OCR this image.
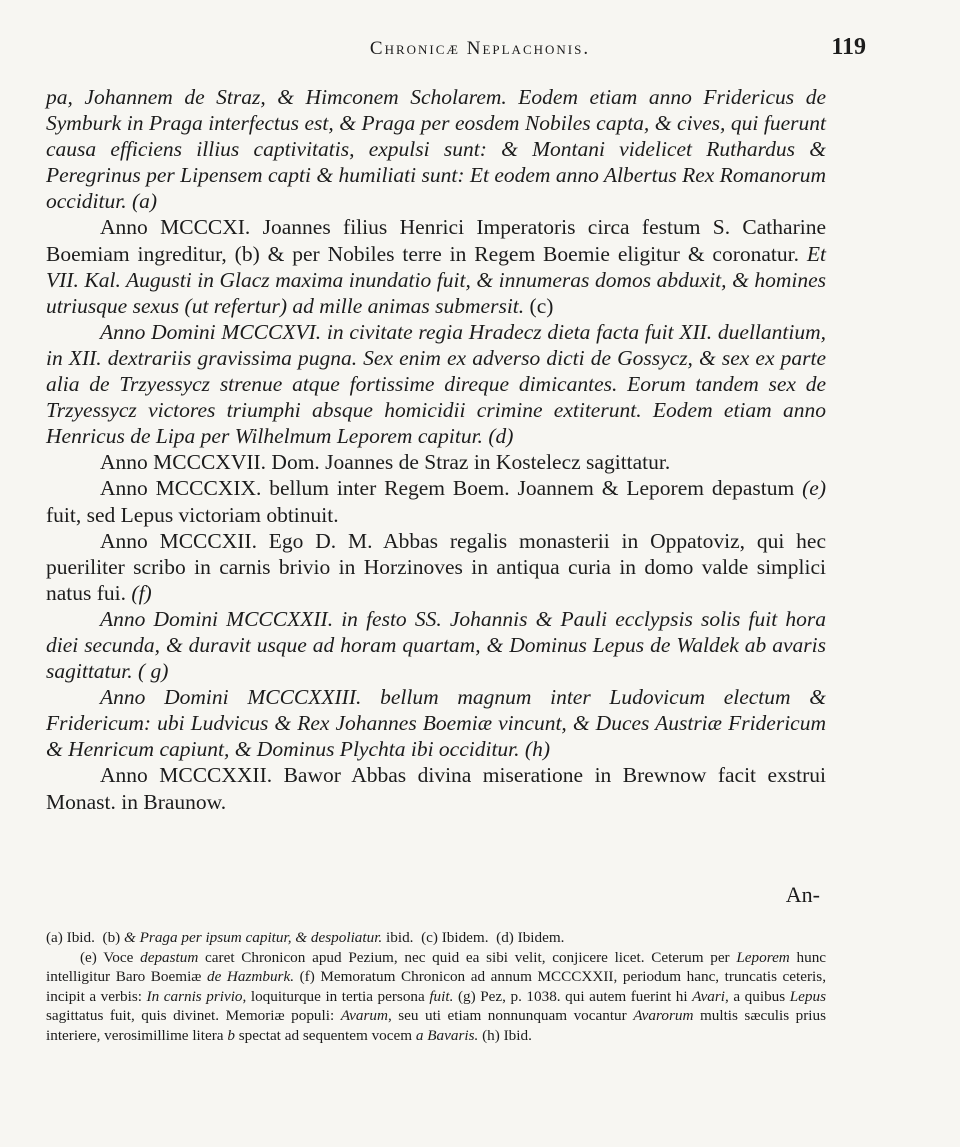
Chronicæ Neplachonis.	119

pa, Johannem de Straz, & Himconem Scholarem. Eodem etiam anno Fridericus de Symburk in Praga interfectus est, & Praga per eosdem Nobiles capta, & cives, qui fuerunt causa efficiens illius captivitatis, expulsi sunt: & Montani videlicet Ruthardus & Peregrinus per Lipensem capti & humiliati sunt: Et eodem anno Albertus Rex Romanorum occiditur. (a)

Anno MCCCXI. Joannes filius Henrici Imperatoris circa festum S. Catharine Boemiam ingreditur, (b) & per Nobiles terre in Regem Boemie eligitur & coronatur. Et VII. Kal. Augusti in Glacz maxima inundatio fuit, & innumeras domos abduxit, & homines utriusque sexus (ut refertur) ad mille animas submersit. (c)

Anno Domini MCCCXVI. in civitate regia Hradecz dieta facta fuit XII. duellantium, in XII. dextrariis gravissima pugna. Sex enim ex adverso dicti de Gossycz, & sex ex parte alia de Trzyessycz strenue atque fortissime direque dimicantes. Eorum tandem sex de Trzyessycz victores triumphi absque homicidii crimine extiterunt. Eodem etiam anno Henricus de Lipa per Wilhelmum Leporem capitur. (d)

Anno MCCCXVII. Dom. Joannes de Straz in Kostelecz sagittatur.

Anno MCCCXIX. bellum inter Regem Boem. Joannem & Leporem depastum (e) fuit, sed Lepus victoriam obtinuit.

Anno MCCCXII. Ego D. M. Abbas regalis monasterii in Oppatoviz, qui hec pueriliter scribo in carnis brivio in Horzinoves in antiqua curia in domo valde simplici natus fui. (f)

Anno Domini MCCCXXII. in festo SS. Johannis & Pauli ecclypsis solis fuit hora diei secunda, & duravit usque ad horam quartam, & Dominus Lepus de Waldek ab avaris sagittatur. ( g)

Anno Domini MCCCXXIII. bellum magnum inter Ludovicum electum & Fridericum: ubi Ludvicus & Rex Johannes Boemiæ vincunt, & Duces Austriæ Fridericum & Henricum capiunt, & Dominus Plychta ibi occiditur. (h)

Anno MCCCXXII. Bawor Abbas divina miseratione in Brewnow facit exstrui Monast. in Braunow.

An-

(a) Ibid. (b) & Praga per ipsum capitur, & despoliatur. ibid. (c) Ibidem. (d) Ibidem.

(e) Voce depastum caret Chronicon apud Pezium, nec quid ea sibi velit, conjicere licet. Ceterum per Leporem hunc intelligitur Baro Boemiæ de Hazmburk. (f) Memoratum Chronicon ad annum MCCCXXII, periodum hanc, truncatis ceteris, incipit a verbis: In carnis privio, loquiturque in tertia persona fuit. (g) Pez, p. 1038. qui autem fuerint hi Avari, a quibus Lepus sagittatus fuit, quis divinet. Memoriæ populi: Avarum, seu uti etiam nonnunquam vocantur Avarorum multis sæculis prius interiere, verosimillime litera b spectat ad sequentem vocem a Bavaris. (h) Ibid.
